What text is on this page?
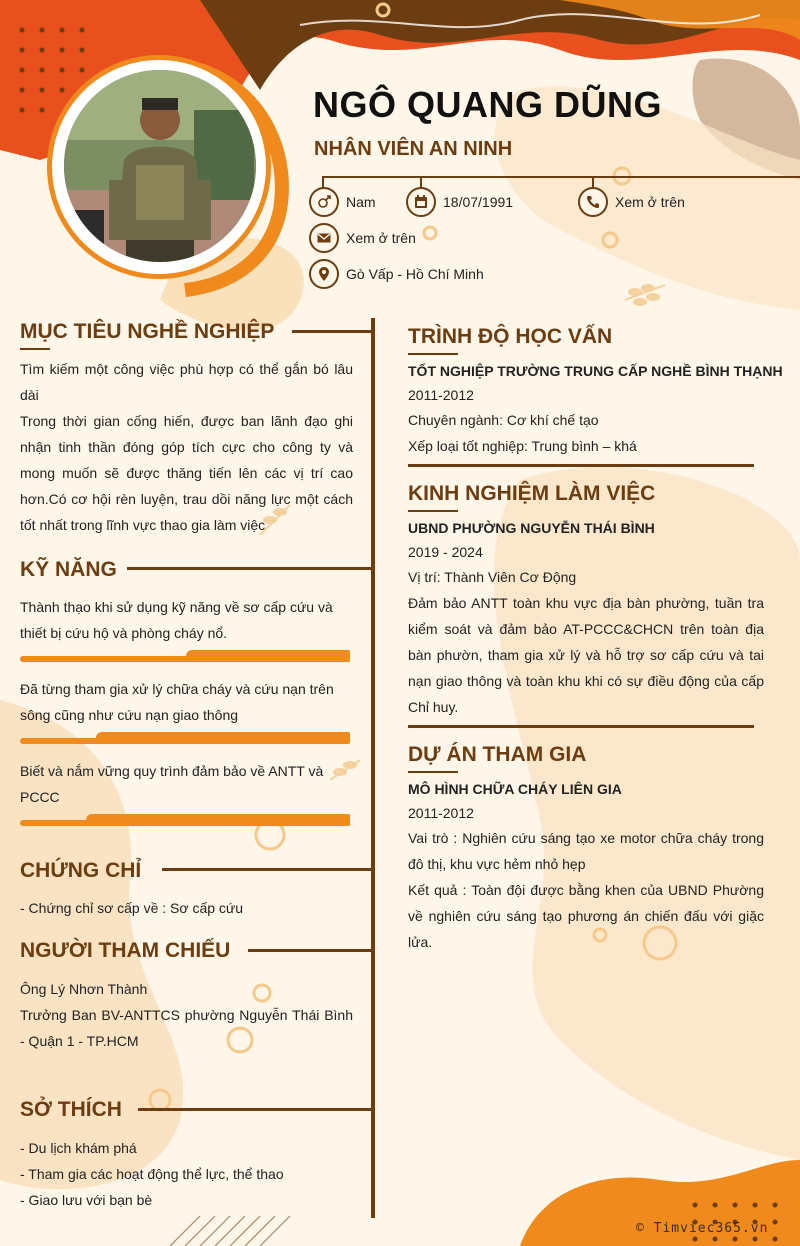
NGÔ QUANG DŨNG
NHÂN VIÊN AN NINH
Nam	18/07/1991	Xem ở trên
Xem ở trên
Gò Vấp - Hồ Chí Minh
MỤC TIÊU NGHỀ NGHIỆP

Tìm kiếm một công việc phù hợp có thể gắn bó lâu dài

Trong thời gian cống hiến, được ban lãnh đạo ghi nhận tinh thần đóng góp tích cực cho công ty và mong muốn sẽ được thăng tiến lên các vị trí cao hơn.Có cơ hội rèn luyện, trau dồi năng lực một cách tốt nhất trong lĩnh vực thao gia làm việc

KỸ NĂNG

Thành thạo khi sử dụng kỹ năng về sơ cấp cứu và thiết bị cứu hộ và phòng cháy nổ.

Đã từng tham gia xử lý chữa cháy và cứu nạn trên sông cũng như cứu nạn giao thông

Biết và nắm vững quy trình đảm bảo về ANTT và PCCC

CHỨNG CHỈ

- Chứng chỉ sơ cấp về : Sơ cấp cứu

NGƯỜI THAM CHIẾU

Ông Lý Nhơn Thành

Trưởng Ban BV-ANTTCS phường Nguyễn Thái Bình - Quận 1 - TP.HCM

SỞ THÍCH

- Du lịch khám phá

- Tham gia các hoạt động thể lực, thể thao

- Giao lưu với bạn bè

TRÌNH ĐỘ HỌC VẤN

TỐT NGHIỆP TRƯỜNG TRUNG CẤP NGHỀ BÌNH THẠNH

2011-2012

Chuyên ngành: Cơ khí chế tạo

Xếp loại tốt nghiệp: Trung bình – khá

KINH NGHIỆM LÀM VIỆC

UBND PHƯỜNG NGUYỄN THÁI BÌNH

2019 - 2024

Vị trí: Thành Viên Cơ Động

Đảm bảo ANTT toàn khu vực địa bàn phường, tuần tra kiểm soát và đảm bảo AT-PCCC&CHCN trên toàn địa bàn phườn, tham gia xử lý và hỗ trợ sơ cấp cứu và tai nạn giao thông và toàn khu khi có sự điều động của cấp Chỉ huy.

DỰ ÁN THAM GIA

MÔ HÌNH CHỮA CHÁY LIÊN GIA

2011-2012

Vai trò : Nghiên cứu sáng tạo xe motor chữa cháy trong đô thị, khu vực hẻm nhỏ hẹp

Kết quả : Toàn đội được bằng khen của UBND Phường về nghiên cứu sáng tạo phương án chiến đấu với giặc lửa.

© Timviec365.vn
